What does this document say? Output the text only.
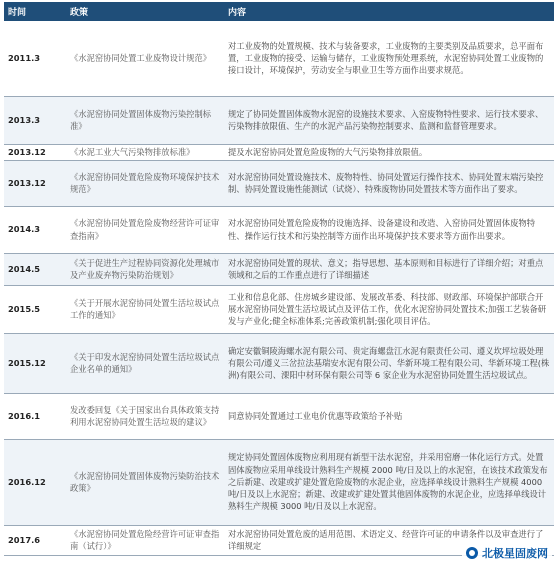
时间	政策	内容
2011.3	《水泥窑协同处置工业废物设计规范》	对工业废物的处置规模、技术与装备要求，工业废物的主要类别及品质要求，总平面布置，工业废物的接受、运输与储存，工业废物预处理系统，水泥窑协同处置工业废物的接口设计，环境保护，劳动安全与职业卫生等方面作出要求规范。
2013.3	《水泥窑协同处置固体废物污染控制标准》	规定了协同处置固体废物水泥窑的设施技术要求、入窑废物特性要求、运行技术要求、污染物排放限值、生产的水泥产品污染物控制要求、监测和监督管理要求。
2013.12	《水泥工业大气污染物排放标准》	提及水泥窑协同处置危险废物的大气污染物排放限值。
2013.12	《水泥窑协同处置危险废物环境保护技术规范》	对水泥窑协同处置设施技术、废物特性、协同处置运行操作技术、协同处置末端污染控制、协同处置设施性能测试（试烧）、特殊废物协同处置技术等方面作出了要求。
2014.3	《水泥窑协同处置危险废物经营许可证审查指南》	对水泥窑协同处置危险废物的设施选择、设备建设和改造、入窑协同处置固体废物特性、操作运行技术和污染控制等方面作出环境保护技术要求等方面作出要求。
2014.5	《关于促进生产过程协同资源化处理城市及产业废弃物污染防治规划》	对水泥窑协同处置的现状、意义；指导思想、基本原则和目标进行了详细介绍；对重点领域和之后的工作重点进行了详细描述
2015.5	《关于开展水泥窑协同处置生活垃圾试点工作的通知》	工业和信息化部、住房城乡建设部、发展改革委、科技部、财政部、环境保护部联合开展水泥窑协同处置生活垃圾试点及评估工作，优化水泥窑协同处置技术;加强工艺装备研发与产业化;健全标准体系;完善政策机制;强化项目评估。
2015.12	《关于印发水泥窑协同处置生活垃圾试点企业名单的通知》	确定安徽铜陵海螺水泥有限公司、贵定海螺盘江水泥有限责任公司、遵义坎坪垃圾处理有限公司/遵义三岔拉法基瑞安水泥有限公司、华新环境工程有限公司、华新环境工程(株洲)有限公司、溧阳中材环保有限公司等 6 家企业为水泥窑协同处置生活垃圾试点。
2016.1	发改委回复《关于国家出台具体政策支持利用水泥窑协同处置生活垃圾的建议》	同意协同处置通过工业电价优惠等政策给予补贴
2016.12	《水泥窑协同处置固体废物污染防治技术政策》	规定协同处置固体废物应利用现有新型干法水泥窑，并采用窑磨一体化运行方式。处置固体废物应采用单线设计熟料生产规模 2000 吨/日及以上的水泥窑，在该技术政策发布之后新建、改建或扩建处置危险废物的水泥企业，应选择单线设计熟料生产规模 4000 吨/日及以上水泥窑；新建、改建或扩建处置其他固体废物的水泥企业，应选择单线设计熟料生产规模 3000 吨/日及以上水泥窑。
2017.6	《水泥窑协同处置危险经营许可证审查指南（试行）》	对水泥窑协同处置危废的适用范围、术语定义、经营许可证的申请条件以及审查进行了详细规定
北极星固废网
